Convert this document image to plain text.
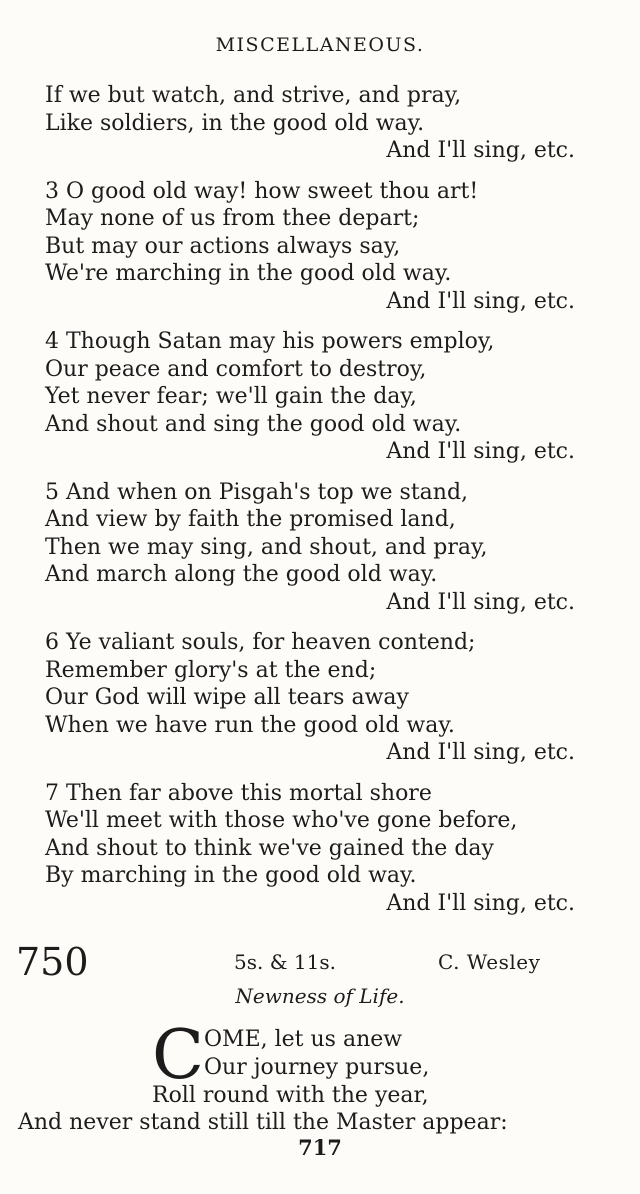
MISCELLANEOUS.
If we but watch, and strive, and pray,
Like soldiers, in the good old way.
And I'll sing, etc.
3 O good old way! how sweet thou art!
May none of us from thee depart;
But may our actions always say,
We're marching in the good old way.
And I'll sing, etc.
4 Though Satan may his powers employ,
Our peace and comfort to destroy,
Yet never fear; we'll gain the day,
And shout and sing the good old way.
And I'll sing, etc.
5 And when on Pisgah's top we stand,
And view by faith the promised land,
Then we may sing, and shout, and pray,
And march along the good old way.
And I'll sing, etc.
6 Ye valiant souls, for heaven contend;
Remember glory's at the end;
Our God will wipe all tears away
When we have run the good old way.
And I'll sing, etc.
7 Then far above this mortal shore
We'll meet with those who've gone before,
And shout to think we've gained the day
By marching in the good old way.
And I'll sing, etc.
750	5s. & 11s.	C. Wesley
Newness of Life.
C OME, let us anew
Our journey pursue,
Roll round with the year,
And never stand still till the Master appear:
717
